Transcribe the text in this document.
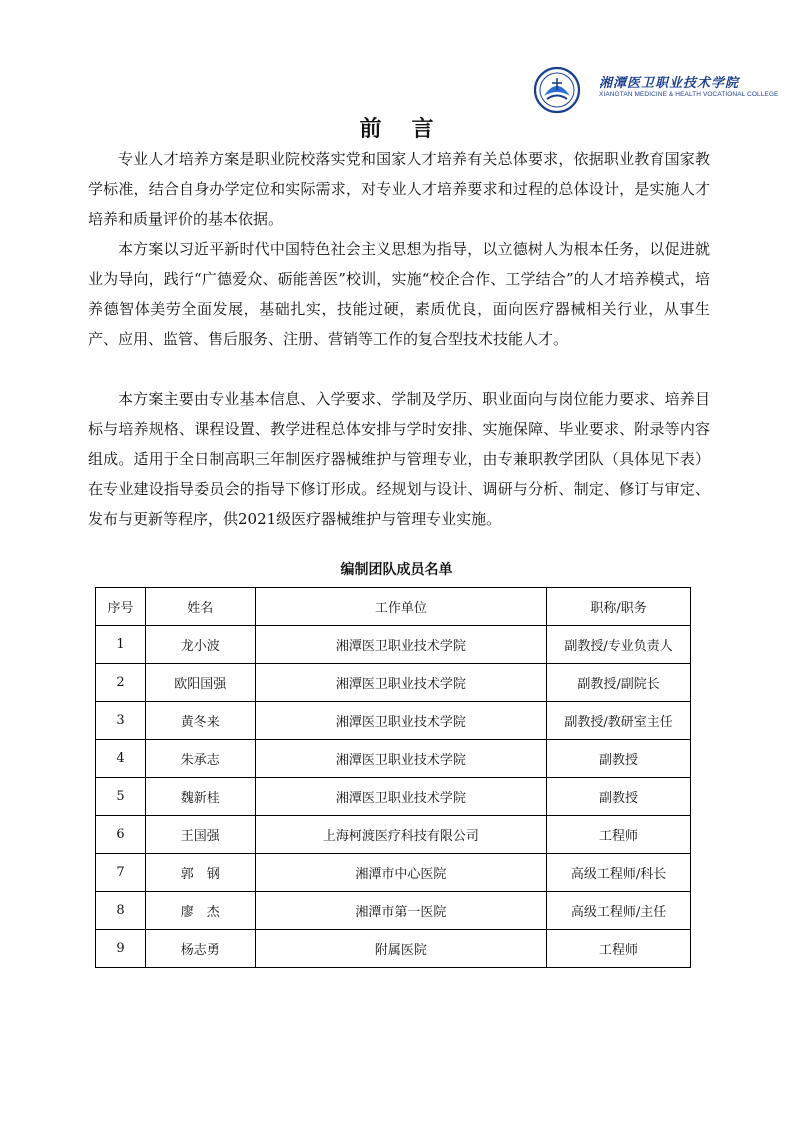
湘潭医卫职业技术学院
XIANGTAN MEDICINE & HEALTH VOCATIONAL COLLEGE
前言

专业人才培养方案是职业院校落实党和国家人才培养有关总体要求，依据职业教育国家教学标准，结合自身办学定位和实际需求，对专业人才培养要求和过程的总体设计，是实施人才培养和质量评价的基本依据。

本方案以习近平新时代中国特色社会主义思想为指导，以立德树人为根本任务，以促进就业为导向，践行“广德爱众、砺能善医”校训，实施“校企合作、工学结合”的人才培养模式，培养德智体美劳全面发展，基础扎实，技能过硬，素质优良，面向医疗器械相关行业，从事生产、应用、监管、售后服务、注册、营销等工作的复合型技术技能人才。

本方案主要由专业基本信息、入学要求、学制及学历、职业面向与岗位能力要求、培养目标与培养规格、课程设置、教学进程总体安排与学时安排、实施保障、毕业要求、附录等内容组成。适用于全日制高职三年制医疗器械维护与管理专业，由专兼职教学团队（具体见下表）在专业建设指导委员会的指导下修订形成。经规划与设计、调研与分析、制定、修订与审定、发布与更新等程序，供2021级医疗器械维护与管理专业实施。

编制团队成员名单
序号	姓名	工作单位	职称/职务
1	龙小波	湘潭医卫职业技术学院	副教授/专业负责人
2	欧阳国强	湘潭医卫职业技术学院	副教授/副院长
3	黄冬来	湘潭医卫职业技术学院	副教授/教研室主任
4	朱承志	湘潭医卫职业技术学院	副教授
5	魏新桂	湘潭医卫职业技术学院	副教授
6	王国强	上海柯渡医疗科技有限公司	工程师
7	郭　钢	湘潭市中心医院	高级工程师/科长
8	廖　杰	湘潭市第一医院	高级工程师/主任
9	杨志勇	附属医院	工程师
